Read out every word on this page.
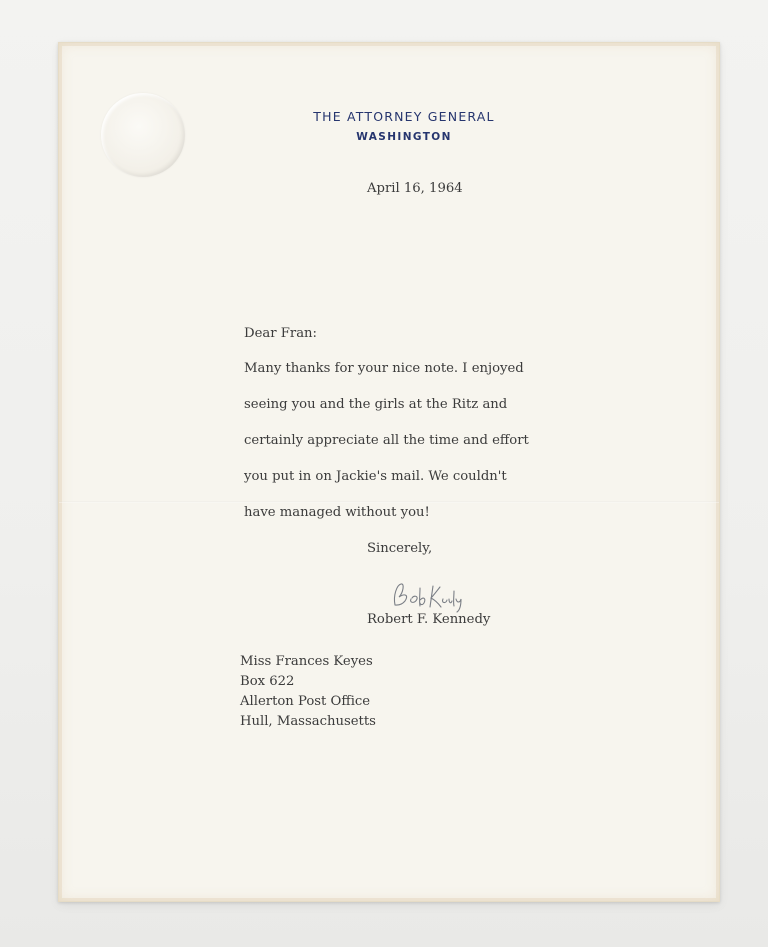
THE ATTORNEY GENERAL
WASHINGTON
April 16, 1964
Dear Fran:
Many thanks for your nice note. I enjoyed
seeing you and the girls at the Ritz and
certainly appreciate all the time and effort
you put in on Jackie's mail. We couldn't
have managed without you!
Sincerely,
Robert F. Kennedy
Miss Frances Keyes
Box 622
Allerton Post Office
Hull, Massachusetts
